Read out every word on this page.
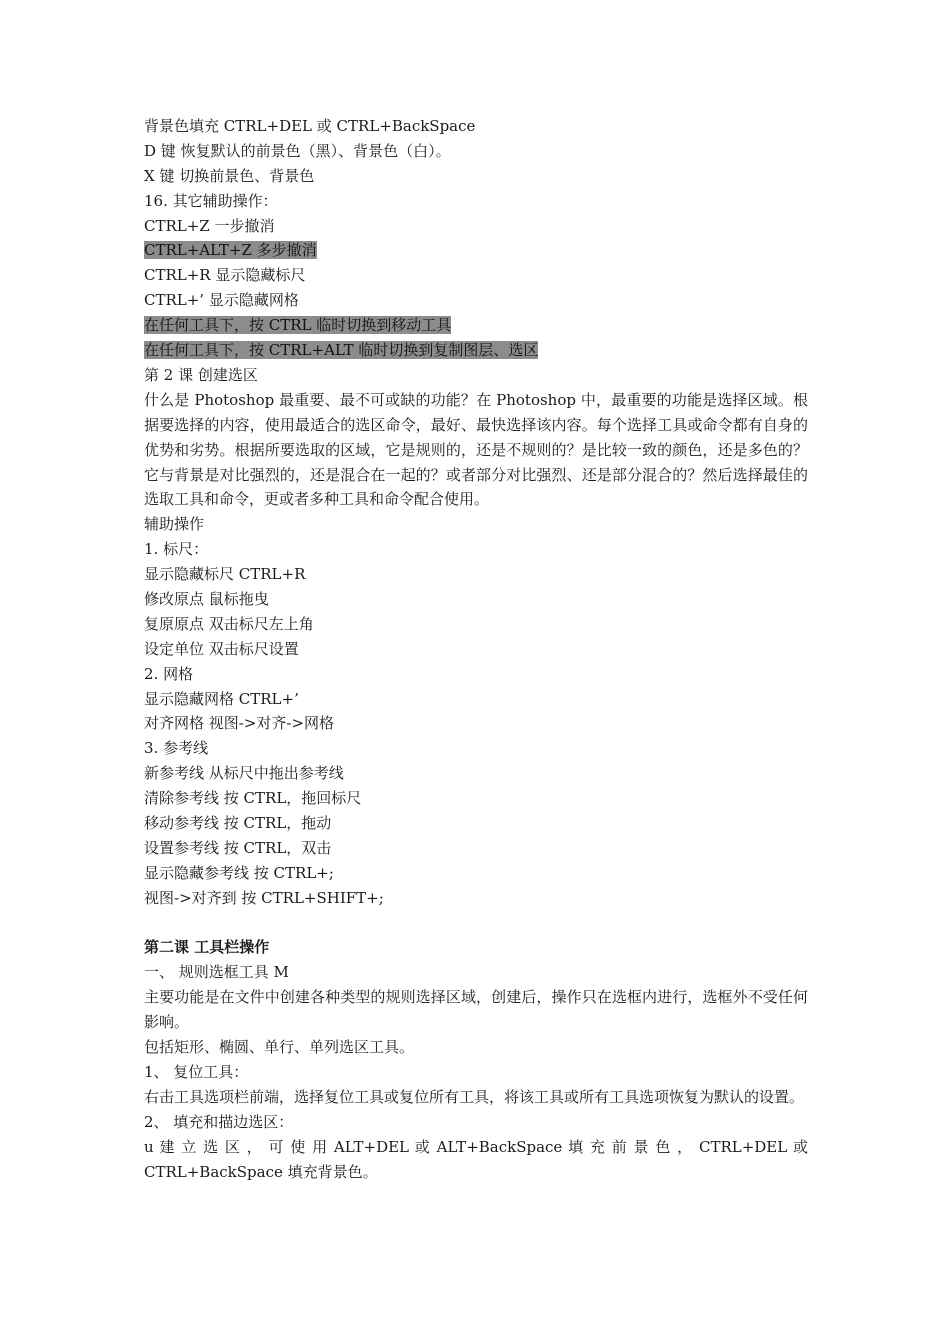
背景色填充 CTRL+DEL 或 CTRL+BackSpace
D 键 恢复默认的前景色（黑）、背景色（白）。
X 键 切换前景色、背景色
16. 其它辅助操作：
CTRL+Z 一步撤消
CTRL+ALT+Z 多步撤消
CTRL+R 显示隐藏标尺
CTRL+’ 显示隐藏网格
在任何工具下，按 CTRL 临时切换到移动工具
在任何工具下，按 CTRL+ALT 临时切换到复制图层、选区
第 2 课 创建选区
什么是 Photoshop 最重要、最不可或缺的功能？在 Photoshop 中，最重要的功能是选择区域。根据要选择的内容，使用最适合的选区命令，最好、最快选择该内容。每个选择工具或命令都有自身的优势和劣势。根据所要选取的区域，它是规则的，还是不规则的？是比较一致的颜色，还是多色的？它与背景是对比强烈的，还是混合在一起的？或者部分对比强烈、还是部分混合的？然后选择最佳的选取工具和命令，更或者多种工具和命令配合使用。
辅助操作
1. 标尺：
显示隐藏标尺 CTRL+R
修改原点 鼠标拖曳
复原原点 双击标尺左上角
设定单位 双击标尺设置
2. 网格
显示隐藏网格 CTRL+’
对齐网格 视图->对齐->网格
3. 参考线
新参考线 从标尺中拖出参考线
清除参考线 按 CTRL，拖回标尺
移动参考线 按 CTRL，拖动
设置参考线 按 CTRL，双击
显示隐藏参考线 按 CTRL+;
视图->对齐到 按 CTRL+SHIFT+;
第二课 工具栏操作
一、 规则选框工具 M
主要功能是在文件中创建各种类型的规则选择区域，创建后，操作只在选框内进行，选框外不受任何影响。
包括矩形、椭圆、单行、单列选区工具。
1、 复位工具：
右击工具选项栏前端，选择复位工具或复位所有工具，将该工具或所有工具选项恢复为默认的设置。
2、 填充和描边选区：
u 建 立 选 区 ， 可 使 用 ALT+DEL 或 ALT+BackSpace 填 充 前 景 色 ， CTRL+DEL 或
CTRL+BackSpace 填充背景色。
